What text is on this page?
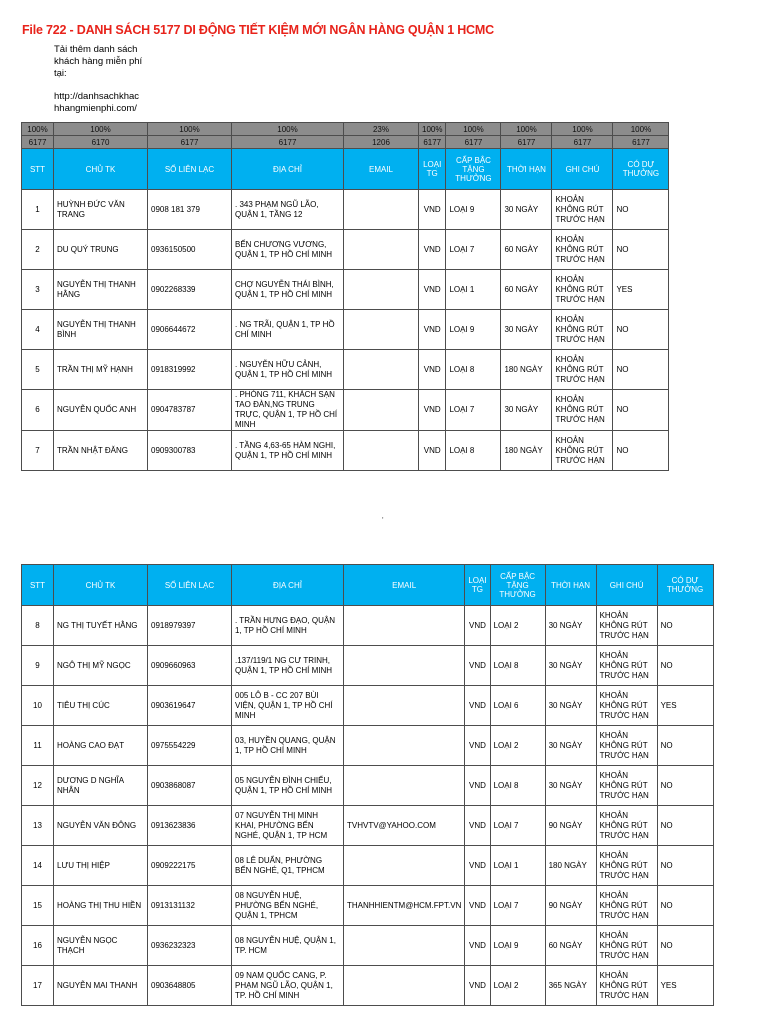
File 722 - DANH SÁCH 5177 DI ĐỘNG TIẾT KIỆM MỚI NGÂN HÀNG QUẬN 1 HCMC
Tải thêm danh sách
khách hàng miễn phí
tại:
http://danhsachkhac
hhangmienphi.com/
100%	100%	100%	100%	23%	100%	100%	100%	100%	100%
6177	6170	6177	6177	1206	6177	6177	6177	6177	6177
STT	CHỦ TK	SỐ LIÊN LẠC	ĐỊA CHỈ	EMAIL	LOẠI TG	CẤP BẬC TẶNG THƯỞNG	THỜI HẠN	GHI CHÚ	CÓ DỰ THƯỞNG
1	HUỲNH ĐỨC VĂN TRANG	0908 181 379	. 343 PHẠM NGŨ LÃO, QUẬN 1, TẦNG 12		VND	LOẠI 9	30 NGÀY	KHOẢN KHÔNG RÚT TRƯỚC HẠN	NO
2	DU QUÝ TRUNG	0936150500	BẾN CHƯƠNG VƯƠNG, QUẬN 1, TP HỒ CHÍ MINH		VND	LOẠI 7	60 NGÀY	KHOẢN KHÔNG RÚT TRƯỚC HẠN	NO
3	NGUYỄN THỊ THANH HẰNG	0902268339	CHỢ NGUYỄN THÁI BÌNH, QUẬN 1, TP HỒ CHÍ MINH		VND	LOẠI 1	60 NGÀY	KHOẢN KHÔNG RÚT TRƯỚC HẠN	YES
4	NGUYỄN THỊ THANH BÌNH	0906644672	. NG TRÃI, QUẬN 1, TP HỒ CHÍ MINH		VND	LOẠI 9	30 NGÀY	KHOẢN KHÔNG RÚT TRƯỚC HẠN	NO
5	TRẦN THỊ MỸ HẠNH	0918319992	. NGUYỄN HỮU CẢNH, QUẬN 1, TP HỒ CHÍ MINH		VND	LOẠI 8	180 NGÀY	KHOẢN KHÔNG RÚT TRƯỚC HẠN	NO
6	NGUYỄN QUỐC ANH	0904783787	. PHÒNG 711, KHÁCH SẠN TAO ĐÀN,NG TRUNG TRỰC, QUẬN 1, TP HỒ CHÍ MINH		VND	LOẠI 7	30 NGÀY	KHOẢN KHÔNG RÚT TRƯỚC HẠN	NO
7	TRẦN NHẬT ĐĂNG	0909300783	. TẦNG 4,63-65 HÀM NGHI, QUẬN 1, TP HỒ CHÍ MINH		VND	LOẠI 8	180 NGÀY	KHOẢN KHÔNG RÚT TRƯỚC HẠN	NO
'
STT	CHỦ TK	SỐ LIÊN LẠC	ĐỊA CHỈ	EMAIL	LOẠI TG	CẤP BẬC TẶNG THƯỞNG	THỜI HẠN	GHI CHÚ	CÓ DỰ THƯỞNG
8	NG THỊ TUYẾT HẰNG	0918979397	. TRẦN HƯNG ĐẠO, QUẬN 1, TP HỒ CHÍ MINH		VND	LOẠI 2	30 NGÀY	KHOẢN KHÔNG RÚT TRƯỚC HẠN	NO
9	NGÔ THỊ MỸ NGỌC	0909660963	.137/119/1 NG CƯ TRINH, QUẬN 1, TP HỒ CHÍ MINH		VND	LOẠI 8	30 NGÀY	KHOẢN KHÔNG RÚT TRƯỚC HẠN	NO
10	TIÊU THỊ CÚC	0903619647	005 LÔ B - CC 207 BÙI VIỆN, QUẬN 1, TP HỒ CHÍ MINH		VND	LOẠI 6	30 NGÀY	KHOẢN KHÔNG RÚT TRƯỚC HẠN	YES
11	HOÀNG CAO ĐẠT	0975554229	03, HUYỀN QUANG, QUẬN 1, TP HỒ CHÍ MINH		VND	LOẠI 2	30 NGÀY	KHOẢN KHÔNG RÚT TRƯỚC HẠN	NO
12	DƯƠNG D NGHĨA NHÂN	0903868087	05 NGUYỄN ĐÌNH CHIỂU, QUẬN 1, TP HỒ CHÍ MINH		VND	LOẠI 8	30 NGÀY	KHOẢN KHÔNG RÚT TRƯỚC HẠN	NO
13	NGUYỄN VĂN ĐÔNG	0913623836	07 NGUYỄN THỊ MINH KHAI, PHƯỜNG BẾN NGHÉ, QUẬN 1, TP HCM	TVHVTV@YAHOO.COM	VND	LOẠI 7	90 NGÀY	KHOẢN KHÔNG RÚT TRƯỚC HẠN	NO
14	LƯU THỊ HIỆP	0909222175	08 LÊ DUẨN, PHƯỜNG BẾN NGHÉ, Q1, TPHCM		VND	LOẠI 1	180 NGÀY	KHOẢN KHÔNG RÚT TRƯỚC HẠN	NO
15	HOÀNG THỊ THU HIỀN	0913131132	08 NGUYỄN HUỆ, PHƯỜNG BẾN NGHÉ, QUẬN 1, TPHCM	THANHHIENTM@HCM.FPT.VN	VND	LOẠI 7	90 NGÀY	KHOẢN KHÔNG RÚT TRƯỚC HẠN	NO
16	NGUYỄN NGỌC THẠCH	0936232323	08 NGUYỄN HUỆ, QUẬN 1, TP. HCM		VND	LOẠI 9	60 NGÀY	KHOẢN KHÔNG RÚT TRƯỚC HẠN	NO
17	NGUYỄN MAI THANH	0903648805	09 NAM QUỐC CANG, P. PHẠM NGŨ LÃO, QUẬN 1, TP. HỒ CHÍ MINH		VND	LOẠI 2	365 NGÀY	KHOẢN KHÔNG RÚT TRƯỚC HẠN	YES
